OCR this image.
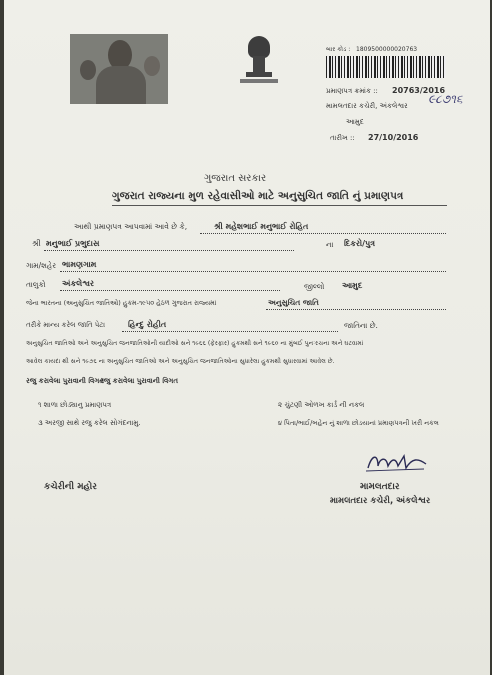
બાર કોડ : 1809500000020763
પ્રમાણપત્ર ક્રમાંક :: 20763/2016
૯૮૭૧૬
મામલતદાર કચેરી, અંકલેશ્વર
આમુદ
તારીખ :: 27/10/2016
ગુજરાત સરકાર
ગુજરાત રાજ્યના મુળ રહેવાસીઓ માટે અનુસુચિત જાતિ નું પ્રમાણપત્ર
આથી પ્રમાણપત્ર આપવામાં આવે છે કે,	શ્રી મહેશભાઈ મનુભાઈ રોહિત
શ્રી મનુભાઈ પ્રભુદાસ	ના દિકરો/પુત્ર
ગામ/શહેર ભામણગામ
તાલુકો અંકલેશ્વર	જીલ્લો આમુદ
જેના ભારતના (અનુસુચિત જાતિઓ) હુકમ-૧૯૫૦ હેઠળ ગુજરાત રાજ્યમાં	અનુસુચિત જાતિ
તરીકે માન્ય કરેલ જાતિ પેટા	હિન્દુ રોહીત	જાતિના છે.
અનુસુચિત જાતિઓ અને અનુસુચિત જનજાતિઓની યાદીઓ સને ૧૯૬૬ (ફેરફાર) હુકમથી સને ૧૯૬૦ ના મુંબઈ પુનઃરચના અને ઘટવામાં
આવેલ કાયદા થી સને ૧૯૭૬ ના અનુસુચિત જાતિઓ અને અનુસુચિત જનજાતિઓના સુધારેલા હુકમથી સુધારવામાં આવેલ છે.
રજુ કરાવેલા પુરાવાની વિગત
રજુ કરાવેલા પુરાવાની વિગત
૧ શાળા છોડ્યાનુ પ્રમાણપત્ર	૨ ચુંટણી ઓળખ કાર્ડ ની નકલ
૩ અરજી સાથે રજુ કરેલ સોગંદનામુ.	૪ પિતા/ભાઈ/બહેન નું શાળા છોડયાનાં પ્રમાણપત્રની ખરી નકલ
મામલતદાર
કચેરીની મહોર
મામલતદાર કચેરી, અંકલેશ્વર
